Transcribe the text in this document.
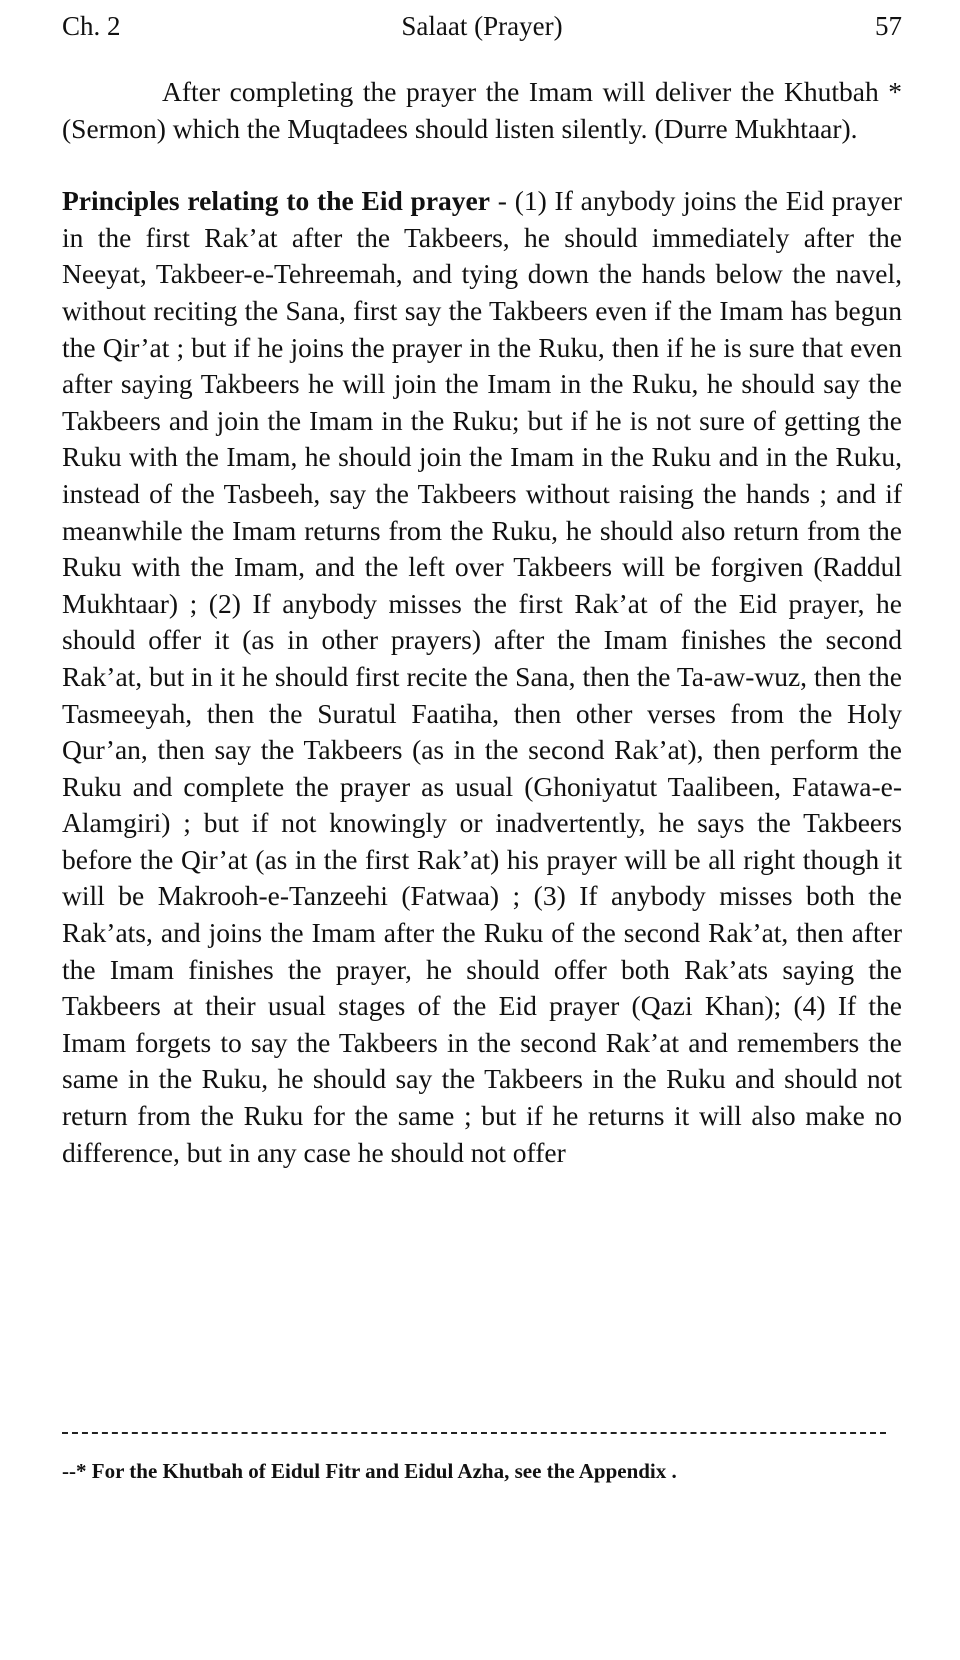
Ch. 2	Salaat (Prayer)	57

After completing the prayer the Imam will deliver the Khutbah * (Sermon) which the Muqtadees should listen silently. (Durre Mukhtaar).

Principles relating to the Eid prayer - (1) If anybody joins the Eid prayer in the first Rak’at after the Takbeers, he should immediately after the Neeyat, Takbeer-e-Tehreemah, and tying down the hands below the navel, without reciting the Sana, first say the Takbeers even if the Imam has begun the Qir’at ; but if he joins the prayer in the Ruku, then if he is sure that even after saying Takbeers he will join the Imam in the Ruku, he should say the Takbeers and join the Imam in the Ruku; but if he is not sure of getting the Ruku with the Imam, he should join the Imam in the Ruku and in the Ruku, instead of the Tasbeeh, say the Takbeers without raising the hands ; and if meanwhile the Imam returns from the Ruku, he should also return from the Ruku with the Imam, and the left over Takbeers will be forgiven (Raddul Mukhtaar) ; (2) If anybody misses the first Rak’at of the Eid prayer, he should offer it (as in other prayers) after the Imam finishes the second Rak’at, but in it he should first recite the Sana, then the Ta-aw-wuz, then the Tasmeeyah, then the Suratul Faatiha, then other verses from the Holy Qur’an, then say the Takbeers (as in the second Rak’at), then perform the Ruku and complete the prayer as usual (Ghoniyatut Taalibeen, Fatawa-e-Alamgiri) ; but if not knowingly or inadvertently, he says the Takbeers before the Qir’at (as in the first Rak’at) his prayer will be all right though it will be Makrooh-e-Tanzeehi (Fatwaa) ; (3) If anybody misses both the Rak’ats, and joins the Imam after the Ruku of the second Rak’at, then after the Imam finishes the prayer, he should offer both Rak’ats saying the Takbeers at their usual stages of the Eid prayer (Qazi Khan); (4) If the Imam forgets to say the Takbeers in the second Rak’at and remembers the same in the Ruku, he should say the Takbeers in the Ruku and should not return from the Ruku for the same ; but if he returns it will also make no difference, but in any case he should not offer

--* For the Khutbah of Eidul Fitr and Eidul Azha, see the Appendix .
